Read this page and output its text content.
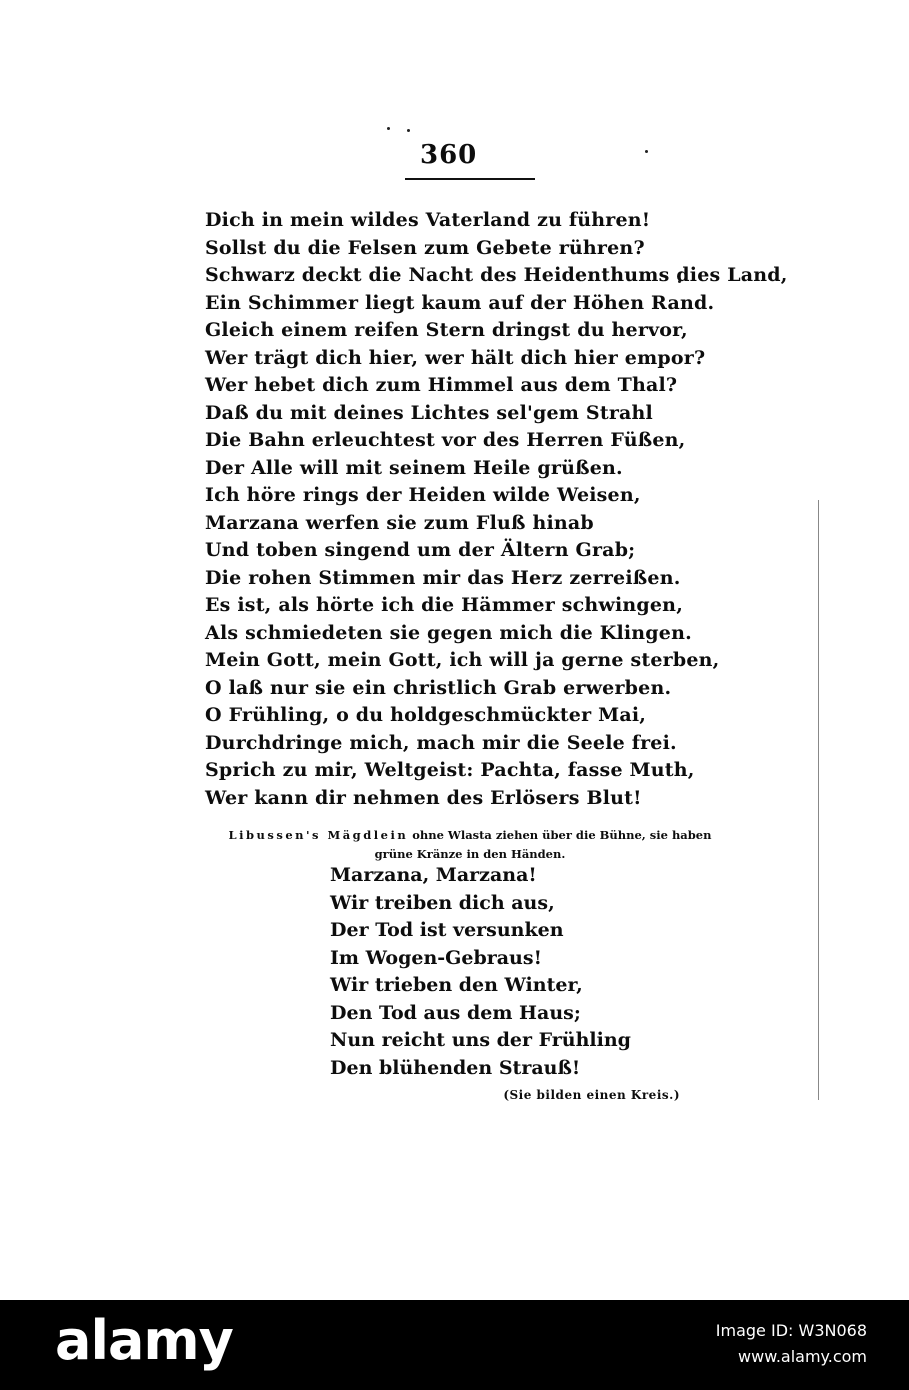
360
Dich in mein wildes Vaterland zu führen!
Sollst du die Felsen zum Gebete rühren?
Schwarz deckt die Nacht des Heidenthums dies Land,
Ein Schimmer liegt kaum auf der Höhen Rand.
Gleich einem reifen Stern dringst du hervor,
Wer trägt dich hier, wer hält dich hier empor?
Wer hebet dich zum Himmel aus dem Thal?
Daß du mit deines Lichtes sel'gem Strahl
Die Bahn erleuchtest vor des Herren Füßen,
Der Alle will mit seinem Heile grüßen.
Ich höre rings der Heiden wilde Weisen,
Marzana werfen sie zum Fluß hinab
Und toben singend um der Ältern Grab;
Die rohen Stimmen mir das Herz zerreißen.
Es ist, als hörte ich die Hämmer schwingen,
Als schmiedeten sie gegen mich die Klingen.
Mein Gott, mein Gott, ich will ja gerne sterben,
O laß nur sie ein christlich Grab erwerben.
O Frühling, o du holdgeschmückter Mai,
Durchdringe mich, mach mir die Seele frei.
Sprich zu mir, Weltgeist: Pachta, fasse Muth,
Wer kann dir nehmen des Erlösers Blut!
Libussen's Mägdlein ohne Wlasta ziehen über die Bühne, sie haben
grüne Kränze in den Händen.
Marzana, Marzana!
Wir treiben dich aus,
Der Tod ist versunken
Im Wogen-Gebraus!
Wir trieben den Winter,
Den Tod aus dem Haus;
Nun reicht uns der Frühling
Den blühenden Strauß!
(Sie bilden einen Kreis.)
alamy	Image ID: W3N068
www.alamy.com
